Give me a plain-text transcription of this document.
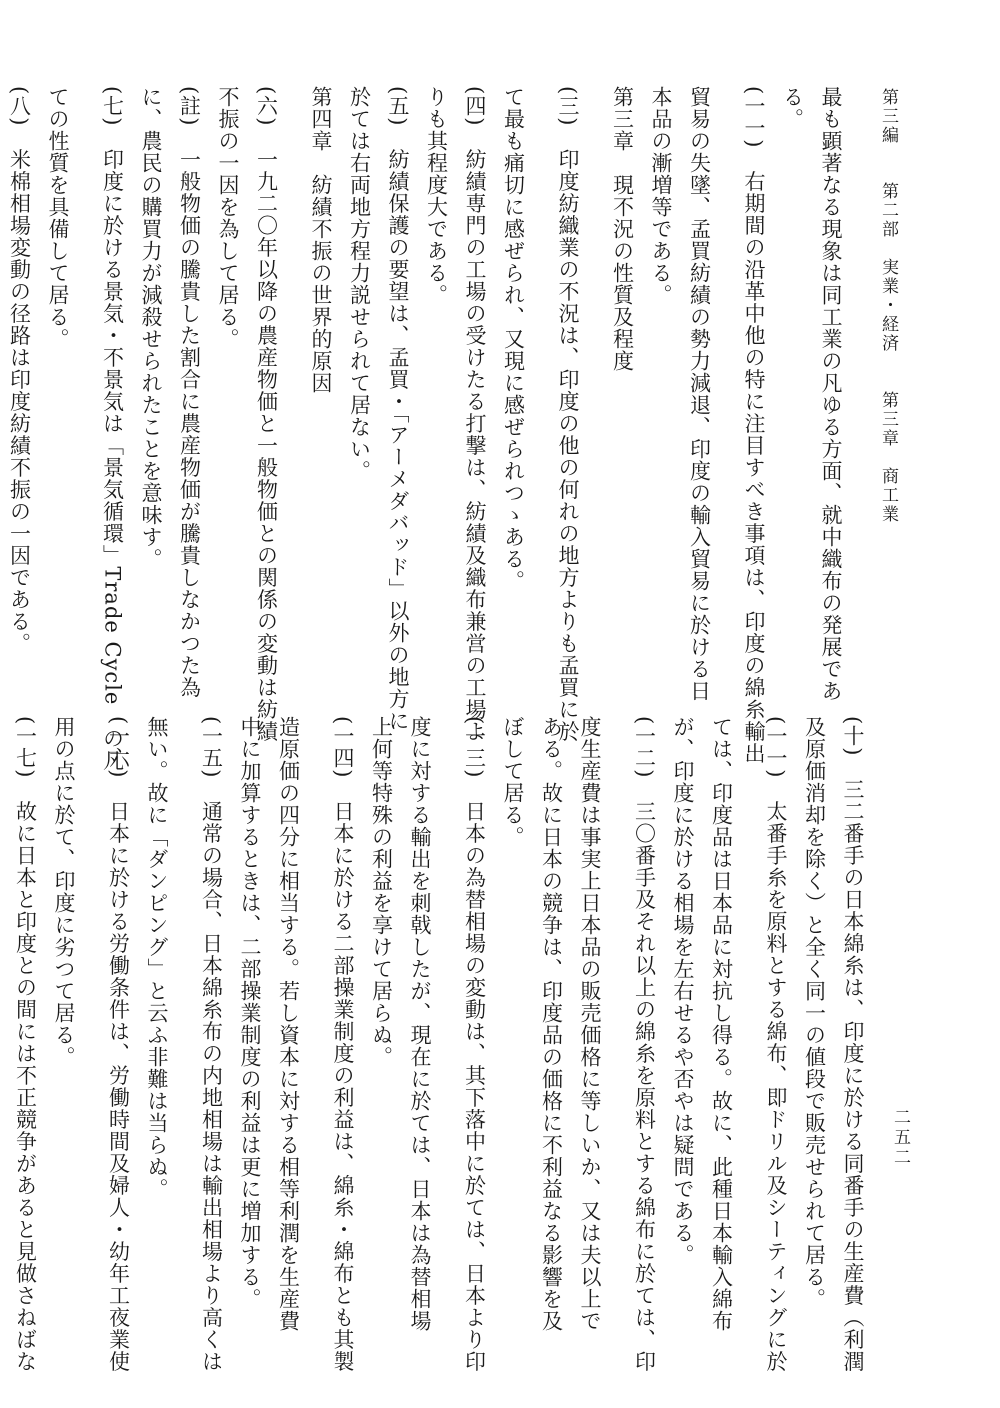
第三編 第二部　実業・経済 第三章　商工業
二五二

最も顕著なる現象は同工業の凡ゆる方面、就中織布の発展であ

る。

(一一)　右期間の沿革中他の特に注目すべき事項は、印度の綿糸輸出

貿易の失墜、孟買紡績の勢力減退、印度の輸入貿易に於ける日

本品の漸増等である。

第三章　現不況の性質及程度

(三)　印度紡織業の不況は、印度の他の何れの地方よりも孟買に於

て最も痛切に感ぜられ、又現に感ぜられつゝある。

(四)　紡績専門の工場の受けたる打撃は、紡績及織布兼営の工場よ

りも其程度大である。

(五)　紡績保護の要望は、孟買・「アーメダバッド」以外の地方に

於ては右両地方程力説せられて居ない。

第四章　紡績不振の世界的原因

(六)　一九二〇年以降の農産物価と一般物価との関係の変動は紡績

不振の一因を為して居る。

(註)　一般物価の騰貴した割合に農産物価が騰貴しなかつた為

に、農民の購買力が減殺せられたことを意味す。

(七)　印度に於ける景気・不景気は「景気循環」Trade Cycle　の凡

ての性質を具備して居る。

(八)　米棉相場変動の径路は印度紡績不振の一因である。

(十)　三二番手の日本綿糸は、印度に於ける同番手の生産費（利潤

及原価消却を除く）と全く同一の値段で販売せられて居る。

(一一)　太番手糸を原料とする綿布、即ドリル及シーティングに於

ては、印度品は日本品に対抗し得る。故に、此種日本輸入綿布

が、印度に於ける相場を左右せるや否やは疑問である。

(一二)　三〇番手及それ以上の綿糸を原料とする綿布に於ては、印

度生産費は事実上日本品の販売価格に等しいか、又は夫以上で

ある。故に日本の競争は、印度品の価格に不利益なる影響を及

ぼして居る。

(一三)　日本の為替相場の変動は、其下落中に於ては、日本より印

度に対する輸出を刺戟したが、現在に於ては、日本は為替相場

上何等特殊の利益を享けて居らぬ。

(一四)　日本に於ける二部操業制度の利益は、綿糸・綿布とも其製

造原価の四分に相当する。若し資本に対する相等利潤を生産費

中に加算するときは、二部操業制度の利益は更に増加する。

(一五)　通常の場合、日本綿糸布の内地相場は輸出相場より高くは

無い。故に「ダンピング」と云ふ非難は当らぬ。

(一六)　日本に於ける労働条件は、労働時間及婦人・幼年工夜業使

用の点に於て、印度に劣つて居る。

(一七)　故に日本と印度との間には不正競争があると見做さねばな
